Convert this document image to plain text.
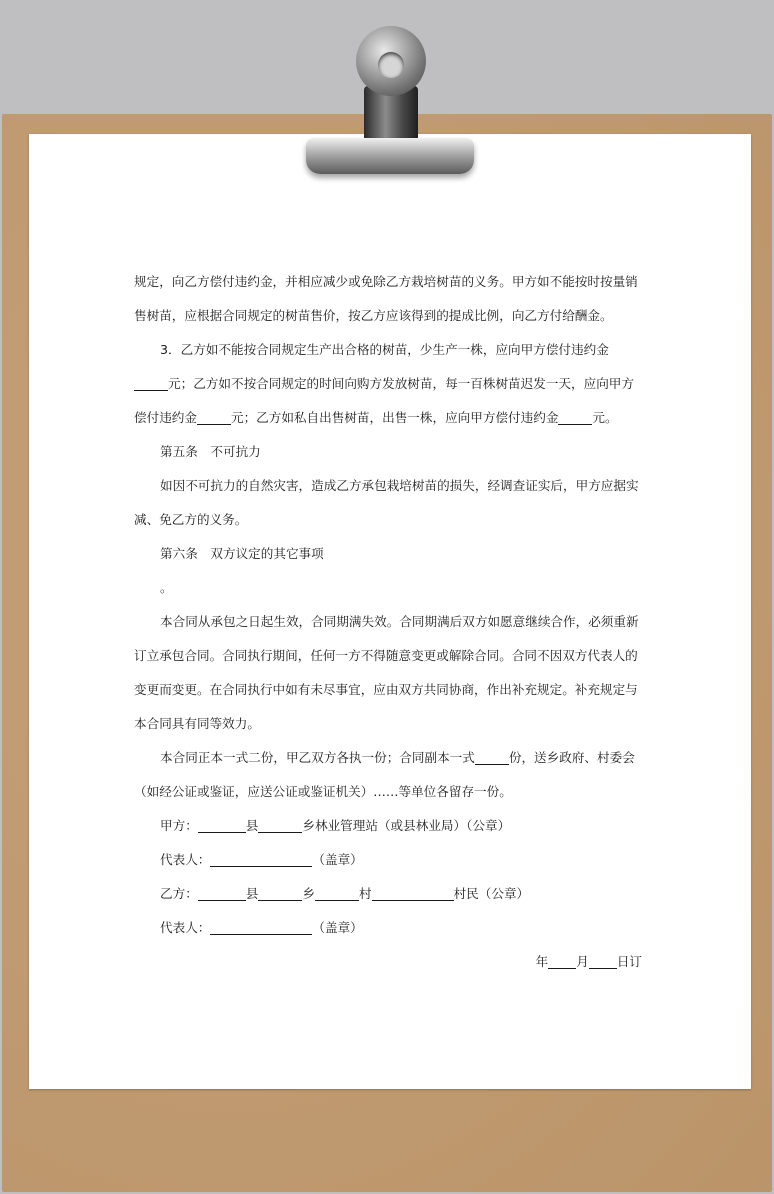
规定，向乙方偿付违约金，并相应减少或免除乙方栽培树苗的义务。甲方如不能按时按量销售树苗，应根据合同规定的树苗售价，按乙方应该得到的提成比例，向乙方付给酬金。

3．乙方如不能按合同规定生产出合格的树苗，少生产一株，应向甲方偿付违约金元；乙方如不按合同规定的时间向购方发放树苗，每一百株树苗迟发一天，应向甲方偿付违约金	元；乙方如私自出售树苗，出售一株，应向甲方偿付违约金	元。

第五条　不可抗力

如因不可抗力的自然灾害，造成乙方承包栽培树苗的损失，经调查证实后，甲方应据实减、免乙方的义务。

第六条　双方议定的其它事项

。

本合同从承包之日起生效，合同期满失效。合同期满后双方如愿意继续合作，必须重新订立承包合同。合同执行期间，任何一方不得随意变更或解除合同。合同不因双方代表人的变更而变更。在合同执行中如有未尽事宜，应由双方共同协商，作出补充规定。补充规定与本合同具有同等效力。

本合同正本一式二份，甲乙双方各执一份；合同副本一式	份，送乡政府、村委会（如经公证或鉴证，应送公证或鉴证机关）……等单位各留存一份。

甲方：	县	乡林业管理站（或县林业局）（公章）

代表人：	（盖章）

乙方：	县	乡	村	村民（公章）

代表人：	（盖章）

年 月 日订
